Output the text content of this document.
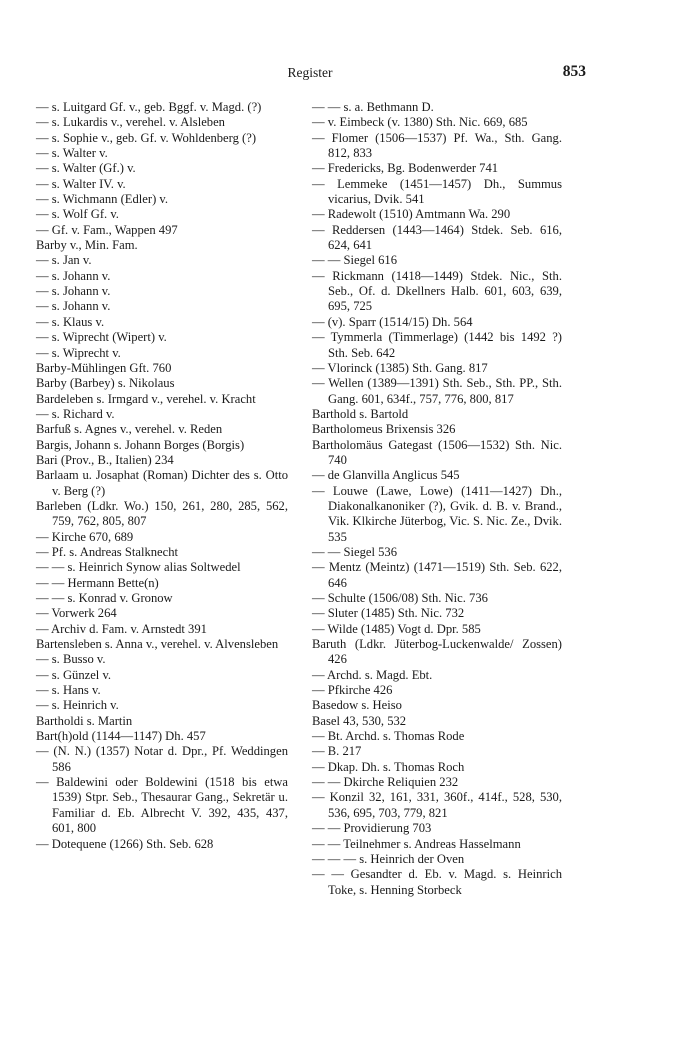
Register	853
— s. Luitgard Gf. v., geb. Bggf. v. Magd. (?)
— s. Lukardis v., verehel. v. Alsleben
— s. Sophie v., geb. Gf. v. Wohldenberg (?)
— s. Walter v.
— s. Walter (Gf.) v.
— s. Walter IV. v.
— s. Wichmann (Edler) v.
— s. Wolf Gf. v.
— Gf. v. Fam., Wappen 497
Barby v., Min. Fam.
— s. Jan v.
— s. Johann v.
— s. Johann v.
— s. Johann v.
— s. Klaus v.
— s. Wiprecht (Wipert) v.
— s. Wiprecht v.
Barby-Mühlingen Gft. 760
Barby (Barbey) s. Nikolaus
Bardeleben s. Irmgard v., verehel. v. Kracht
— s. Richard v.
Barfuß s. Agnes v., verehel. v. Reden
Bargis, Johann s. Johann Borges (Borgis)
Bari (Prov., B., Italien) 234
Barlaam u. Josaphat (Roman) Dichter des s. Otto v. Berg (?)
Barleben (Ldkr. Wo.) 150, 261, 280, 285, 562, 759, 762, 805, 807
— Kirche 670, 689
— Pf. s. Andreas Stalknecht
— — s. Heinrich Synow alias Soltwedel
— — Hermann Bette(n)
— — s. Konrad v. Gronow
— Vorwerk 264
— Archiv d. Fam. v. Arnstedt 391
Bartensleben s. Anna v., verehel. v. Alvensleben
— s. Busso v.
— s. Günzel v.
— s. Hans v.
— s. Heinrich v.
Bartholdi s. Martin
Bart(h)old (1144—1147) Dh. 457
— (N. N.) (1357) Notar d. Dpr., Pf. Weddingen 586
— Baldewini oder Boldewini (1518 bis etwa 1539) Stpr. Seb., Thesaurar Gang., Sekretär u. Familiar d. Eb. Albrecht V. 392, 435, 437, 601, 800
— Dotequene (1266) Sth. Seb. 628
— — s. a. Bethmann D.
— v. Eimbeck (v. 1380) Sth. Nic. 669, 685
— Flomer (1506—1537) Pf. Wa., Sth. Gang. 812, 833
— Fredericks, Bg. Bodenwerder 741
— Lemmeke (1451—1457) Dh., Summus vicarius, Dvik. 541
— Radewolt (1510) Amtmann Wa. 290
— Reddersen (1443—1464) Stdek. Seb. 616, 624, 641
— — Siegel 616
— Rickmann (1418—1449) Stdek. Nic., Sth. Seb., Of. d. Dkellners Halb. 601, 603, 639, 695, 725
— (v). Sparr (1514/15) Dh. 564
— Tymmerla (Timmerlage) (1442 bis 1492 ?) Sth. Seb. 642
— Vlorinck (1385) Sth. Gang. 817
— Wellen (1389—1391) Sth. Seb., Sth. PP., Sth. Gang. 601, 634f., 757, 776, 800, 817
Barthold s. Bartold
Bartholomeus Brixensis 326
Bartholomäus Gategast (1506—1532) Sth. Nic. 740
— de Glanvilla Anglicus 545
— Louwe (Lawe, Lowe) (1411—1427) Dh., Diakonalkanoniker (?), Gvik. d. B. v. Brand., Vik. Klkirche Jüterbog, Vic. S. Nic. Ze., Dvik. 535
— — Siegel 536
— Mentz (Meintz) (1471—1519) Sth. Seb. 622, 646
— Schulte (1506/08) Sth. Nic. 736
— Sluter (1485) Sth. Nic. 732
— Wilde (1485) Vogt d. Dpr. 585
Baruth (Ldkr. Jüterbog-Luckenwalde/ Zossen) 426
— Archd. s. Magd. Ebt.
— Pfkirche 426
Basedow s. Heiso
Basel 43, 530, 532
— Bt. Archd. s. Thomas Rode
— B. 217
— Dkap. Dh. s. Thomas Roch
— — Dkirche Reliquien 232
— Konzil 32, 161, 331, 360f., 414f., 528, 530, 536, 695, 703, 779, 821
— — Providierung 703
— — Teilnehmer s. Andreas Hasselmann
— — — s. Heinrich der Oven
— — Gesandter d. Eb. v. Magd. s. Heinrich Toke, s. Henning Storbeck
